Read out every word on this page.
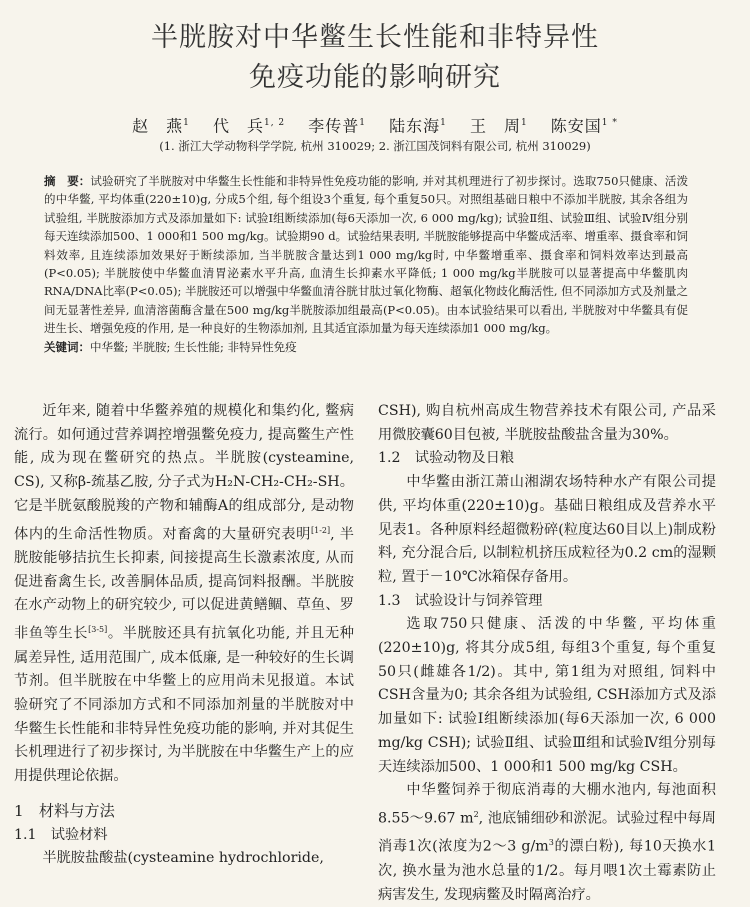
半胱胺对中华鳖生长性能和非特异性
免疫功能的影响研究
赵　燕$^1$　 代　兵$^{1, 2}$　 李传普$^1$　 陆东海$^1$　 王　周$^1$　 陈安国$^{1 *}$
(1. 浙江大学动物科学学院, 杭州 310029; 2. 浙江国茂饲料有限公司, 杭州 310029)
摘　要：试验研究了半胱胺对中华鳖生长性能和非特异性免疫功能的影响, 并对其机理进行了初步探讨。选取750只健康、活泼的中华鳖, 平均体重(220±10)g, 分成5个组, 每个组设3个重复, 每个重复50只。对照组基础日粮中不添加半胱胺, 其余各组为试验组, 半胱胺添加方式及添加量如下: 试验Ⅰ组断续添加(每6天添加一次, 6 000 mg/kg); 试验Ⅱ组、试验Ⅲ组、试验Ⅳ组分别每天连续添加500、1 000和1 500 mg/kg。试验期90 d。试验结果表明, 半胱胺能够提高中华鳖成活率、增重率、摄食率和饲料效率, 且连续添加效果好于断续添加, 当半胱胺含量达到1 000 mg/kg时, 中华鳖增重率、摄食率和饲料效率达到最高(P<0.05); 半胱胺使中华鳖血清胃泌素水平升高, 血清生长抑素水平降低; 1 000 mg/kg半胱胺可以显著提高中华鳖肌肉RNA/DNA比率(P<0.05); 半胱胺还可以增强中华鳖血清谷胱甘肽过氧化物酶、超氧化物歧化酶活性, 但不同添加方式及剂量之间无显著性差异, 血清溶菌酶含量在500 mg/kg半胱胺添加组最高(P<0.05)。由本试验结果可以看出, 半胱胺对中华鳖具有促进生长、增强免疫的作用, 是一种良好的生物添加剂, 且其适宜添加量为每天连续添加1 000 mg/kg。
关键词：中华鳖; 半胱胺; 生长性能; 非特异性免疫

近年来, 随着中华鳖养殖的规模化和集约化, 鳖病流行。如何通过营养调控增强鳖免疫力, 提高鳖生产性能, 成为现在鳖研究的热点。半胱胺(cysteamine, CS), 又称β-巯基乙胺, 分子式为H₂N-CH₂-CH₂-SH。它是半胱氨酸脱羧的产物和辅酶A的组成部分, 是动物体内的生命活性物质。对畜禽的大量研究表明[1-2], 半胱胺能够拮抗生长抑素, 间接提高生长激素浓度, 从而促进畜禽生长, 改善胴体品质, 提高饲料报酬。半胱胺在水产动物上的研究较少, 可以促进黄鳝鲴、草鱼、罗非鱼等生长[3-5]。半胱胺还具有抗氧化功能, 并且无种属差异性, 适用范围广, 成本低廉, 是一种较好的生长调节剂。但半胱胺在中华鳖上的应用尚未见报道。本试验研究了不同添加方式和不同添加剂量的半胱胺对中华鳖生长性能和非特异性免疫功能的影响, 并对其促生长机理进行了初步探讨, 为半胱胺在中华鳖生产上的应用提供理论依据。

1　材料与方法
1.1　试验材料

半胱胺盐酸盐(cysteamine hydrochloride,

CSH), 购自杭州高成生物营养技术有限公司, 产品采用微胶囊60目包被, 半胱胺盐酸盐含量为30%。

1.2　试验动物及日粮

中华鳖由浙江萧山湘湖农场特种水产有限公司提供, 平均体重(220±10)g。基础日粮组成及营养水平见表1。各种原料经超微粉碎(粒度达60目以上)制成粉料, 充分混合后, 以制粒机挤压成粒径为0.2 cm的湿颗粒, 置于－10℃冰箱保存备用。

1.3　试验设计与饲养管理

选取750只健康、活泼的中华鳖, 平均体重(220±10)g, 将其分成5组, 每组3个重复, 每个重复50只(雌雄各1/2)。其中, 第1组为对照组, 饲料中CSH含量为0; 其余各组为试验组, CSH添加方式及添加量如下: 试验Ⅰ组断续添加(每6天添加一次, 6 000 mg/kg CSH); 试验Ⅱ组、试验Ⅲ组和试验Ⅳ组分别每天连续添加500、1 000和1 500 mg/kg CSH。

中华鳖饲养于彻底消毒的大棚水池内, 每池面积8.55～9.67 $m^2$, 池底铺细砂和淤泥。试验过程中每周消毒1次(浓度为2～3 $g/m^3$的漂白粉), 每10天换水1次, 换水量为池水总量的1/2。每月喂1次土霉素防止病害发生, 发现病鳖及时隔离治疗。
